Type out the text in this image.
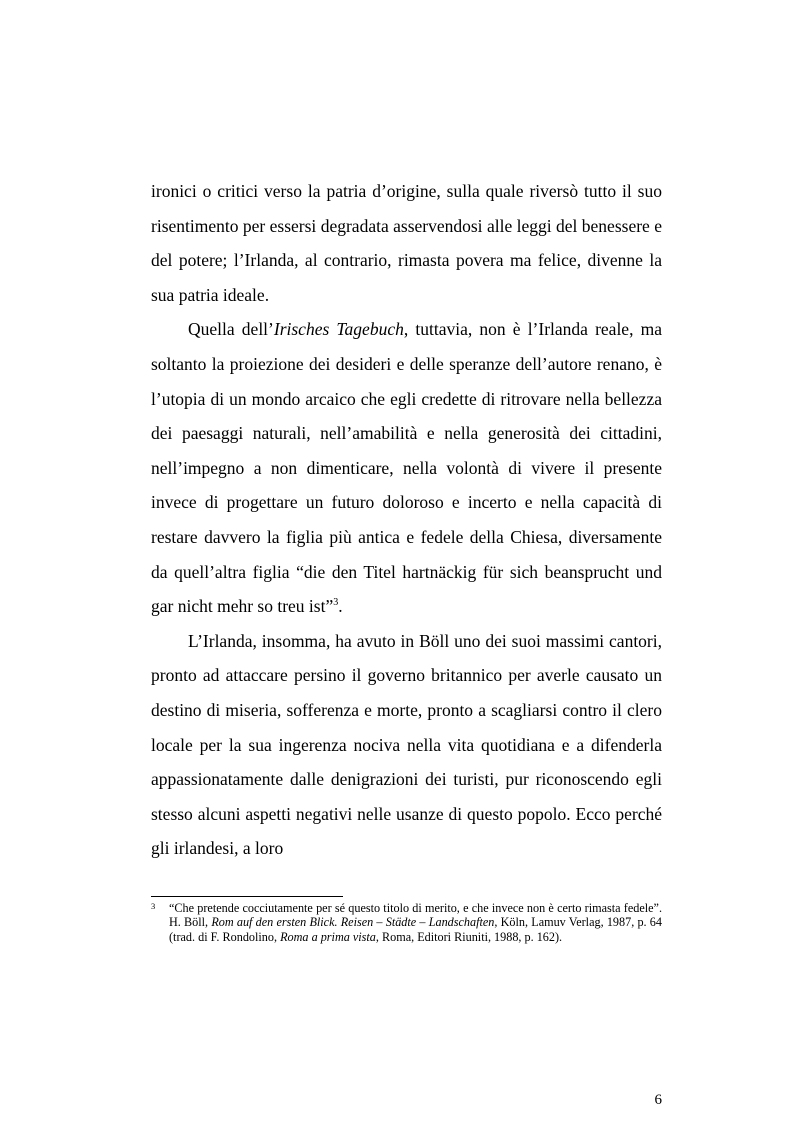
ironici o critici verso la patria d’origine, sulla quale riversò tutto il suo risentimento per essersi degradata asservendosi alle leggi del benessere e del potere; l’Irlanda, al contrario, rimasta povera ma felice, divenne la sua patria ideale.

Quella dell’Irisches Tagebuch, tuttavia, non è l’Irlanda reale, ma soltanto la proiezione dei desideri e delle speranze dell’autore renano, è l’utopia di un mondo arcaico che egli credette di ritrovare nella bellezza dei paesaggi naturali, nell’amabilità e nella generosità dei cittadini, nell’impegno a non dimenticare, nella volontà di vivere il presente invece di progettare un futuro doloroso e incerto e nella capacità di restare davvero la figlia più antica e fedele della Chiesa, diversamente da quell’altra figlia “die den Titel hartnäckig für sich beansprucht und gar nicht mehr so treu ist”$^3$.

L’Irlanda, insomma, ha avuto in Böll uno dei suoi massimi cantori, pronto ad attaccare persino il governo britannico per averle causato un destino di miseria, sofferenza e morte, pronto a scagliarsi contro il clero locale per la sua ingerenza nociva nella vita quotidiana e a difenderla appassionatamente dalle denigrazioni dei turisti, pur riconoscendo egli stesso alcuni aspetti negativi nelle usanze di questo popolo. Ecco perché gli irlandesi, a loro

3 “Che pretende cocciutamente per sé questo titolo di merito, e che invece non è certo rimasta fedele”. H. Böll, Rom auf den ersten Blick. Reisen – Städte – Landschaften, Köln, Lamuv Verlag, 1987, p. 64 (trad. di F. Rondolino, Roma a prima vista, Roma, Editori Riuniti, 1988, p. 162).
6
